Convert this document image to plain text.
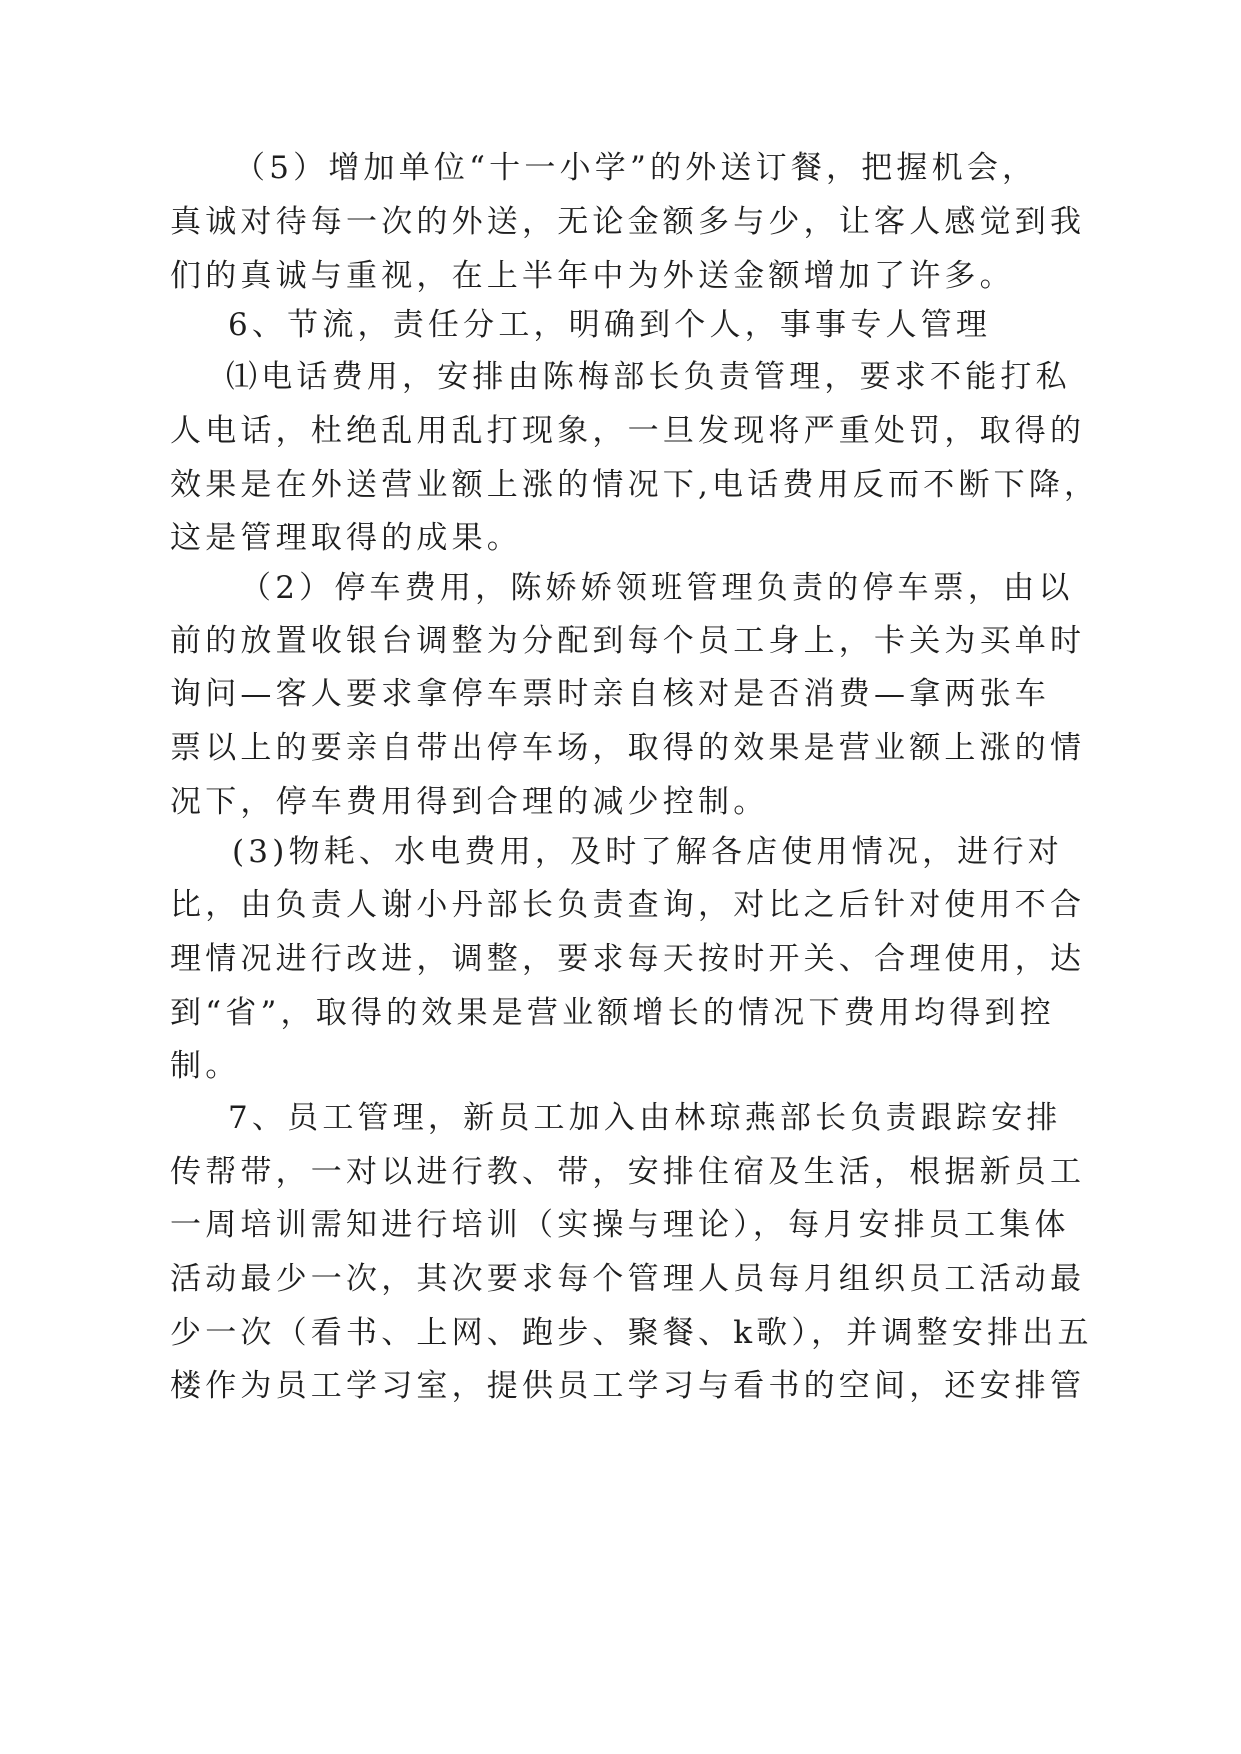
（5）增加单位“十一小学”的外送订餐，把握机会，
真诚对待每一次的外送，无论金额多与少，让客人感觉到我
们的真诚与重视，在上半年中为外送金额增加了许多。
6、节流，责任分工，明确到个人，事事专人管理
⑴电话费用，安排由陈梅部长负责管理，要求不能打私
人电话，杜绝乱用乱打现象，一旦发现将严重处罚，取得的
效果是在外送营业额上涨的情况下,电话费用反而不断下降，
这是管理取得的成果。
（2）停车费用，陈娇娇领班管理负责的停车票，由以
前的放置收银台调整为分配到每个员工身上，卡关为买单时
询问—客人要求拿停车票时亲自核对是否消费—拿两张车
票以上的要亲自带出停车场，取得的效果是营业额上涨的情
况下，停车费用得到合理的减少控制。
(3)物耗、水电费用，及时了解各店使用情况，进行对
比，由负责人谢小丹部长负责查询，对比之后针对使用不合
理情况进行改进，调整，要求每天按时开关、合理使用，达
到“省”，取得的效果是营业额增长的情况下费用均得到控
制。
7、员工管理，新员工加入由林琼燕部长负责跟踪安排
传帮带，一对以进行教、带，安排住宿及生活，根据新员工
一周培训需知进行培训（实操与理论），每月安排员工集体
活动最少一次，其次要求每个管理人员每月组织员工活动最
少一次（看书、上网、跑步、聚餐、k歌），并调整安排出五
楼作为员工学习室，提供员工学习与看书的空间，还安排管
